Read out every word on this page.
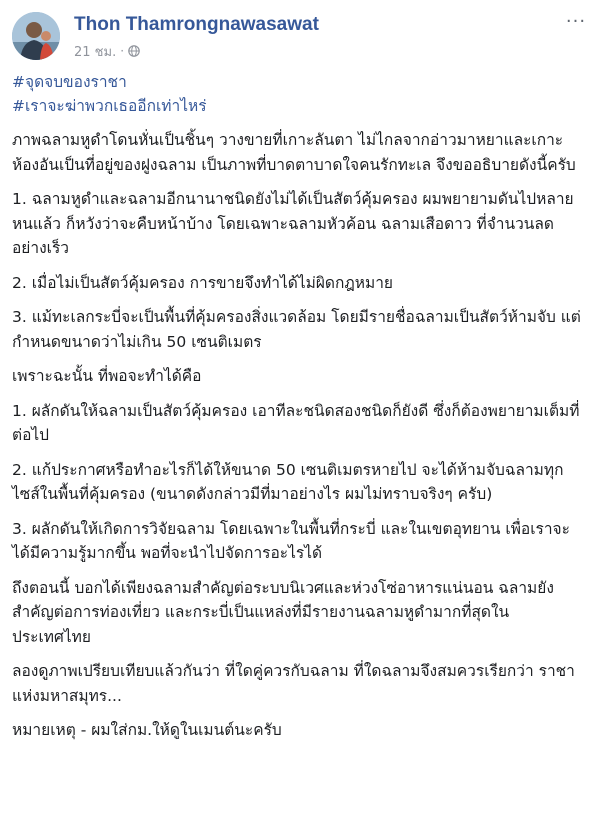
Thon Thamrongnawasawat
21 ชม. ·
···
#จุดจบของราชา
#เราจะฆ่าพวกเธออีกเท่าไหร่

ภาพฉลามหูดำโดนหั่นเป็นชิ้นๆ วางขายที่เกาะลันตา ไม่ไกลจากอ่าวมาหยาและเกาะห้องอันเป็นที่อยู่ของฝูงฉลาม เป็นภาพที่บาดตาบาดใจคนรักทะเล จึงขออธิบายดังนี้ครับ

1. ฉลามหูดำและฉลามอีกนานาชนิดยังไม่ได้เป็นสัตว์คุ้มครอง ผมพยายามดันไปหลายหนแล้ว ก็หวังว่าจะคืบหน้าบ้าง โดยเฉพาะฉลามหัวค้อน ฉลามเสือดาว ที่จำนวนลดอย่างเร็ว

2. เมื่อไม่เป็นสัตว์คุ้มครอง การขายจึงทำได้ไม่ผิดกฎหมาย

3. แม้ทะเลกระบี่จะเป็นพื้นที่คุ้มครองสิ่งแวดล้อม โดยมีรายชื่อฉลามเป็นสัตว์ห้ามจับ แต่กำหนดขนาดว่าไม่เกิน 50 เซนติเมตร

เพราะฉะนั้น ที่พอจะทำได้คือ

1. ผลักดันให้ฉลามเป็นสัตว์คุ้มครอง เอาทีละชนิดสองชนิดก็ยังดี ซึ่งก็ต้องพยายามเต็มที่ต่อไป

2. แก้ประกาศหรือทำอะไรก็ได้ให้ขนาด 50 เซนติเมตรหายไป จะได้ห้ามจับฉลามทุกไซส์ในพื้นที่คุ้มครอง (ขนาดดังกล่าวมีที่มาอย่างไร ผมไม่ทราบจริงๆ ครับ)

3. ผลักดันให้เกิดการวิจัยฉลาม โดยเฉพาะในพื้นที่กระบี่ และในเขตอุทยาน เพื่อเราจะได้มีความรู้มากขึ้น พอที่จะนำไปจัดการอะไรได้

ถึงตอนนี้ บอกได้เพียงฉลามสำคัญต่อระบบนิเวศและห่วงโซ่อาหารแน่นอน ฉลามยังสำคัญต่อการท่องเที่ยว และกระบี่เป็นแหล่งที่มีรายงานฉลามหูดำมากที่สุดในประเทศไทย

ลองดูภาพเปรียบเทียบแล้วกันว่า ที่ใดคู่ควรกับฉลาม ที่ใดฉลามจึงสมควรเรียกว่า ราชาแห่งมหาสมุทร...

หมายเหตุ - ผมใส่กม.ให้ดูในเมนต์นะครับ
